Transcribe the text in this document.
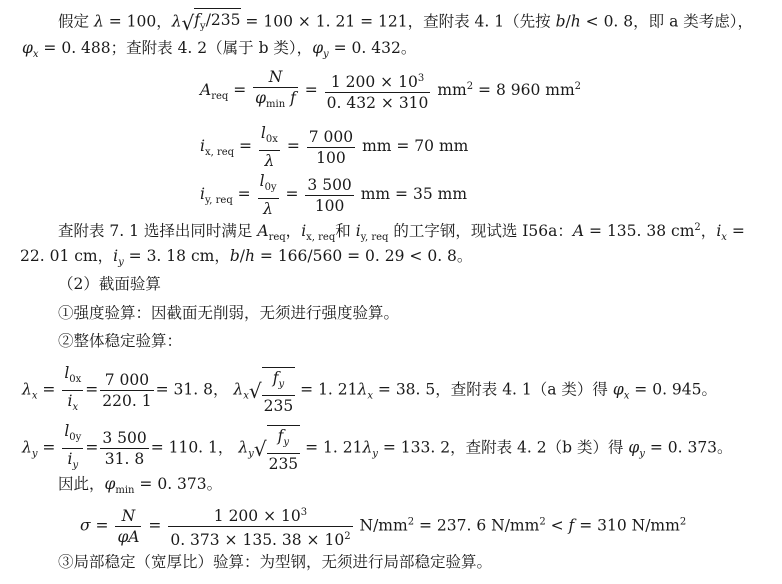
假定 λ = 100，$\lambda√f_y/235 = 100 \times 1$. 21 = 121，查附表 4. 1（先按 b/h < 0. 8，即 a 类考虑），
$\varphi_x = 0$. 488；查附表 4. 2（属于 b 类），$\varphi_y = 0$. 432。
$A_{req} = \frac{N}{\varphi_{min} f} = \frac{1 200 \times 10^3}{0. 432 \times 310} mm^2 = 8$ 960 $mm^2$
$i_{x, req} = \frac{l_{0x}}{\lambda} = \frac{7 000}{100}$ mm = 70 mm
$i_{y, req} = \frac{l_{0y}}{\lambda} = \frac{3 500}{100}$ mm = 35 mm
查附表 7. 1 选择出同时满足 $A_{req}$，$i_{x, req}$和 $i_{y, req}$ 的工字钢，现试选 I56a：A = 135. 38 $cm^2$，$i_x$ =
22. 01 cm，$i_y = 3$. 18 cm，b/h = 166/560 = 0. 29 < 0. 8。
（2）截面验算
①强度验算：因截面无削弱，无须进行强度验算。
②整体稳定验算：
$\lambda_x = \frac{l_{0x}}{i_x} = \frac{7 000}{220. 1} = 31$. 8， $\lambda_x√ \frac{f_y}{235} = 1$. $21\lambda_x = 38$. 5，查附表 4. 1（a 类）得 $\varphi_x = 0$. 945。
$\lambda_y = \frac{l_{0y}}{i_y} = \frac{3 500}{31. 8} = 110$. 1， $\lambda_y√ \frac{f_y}{235} = 1$. $21\lambda_y = 133$. 2，查附表 4. 2（b 类）得 $\varphi_y = 0$. 373。
因此，$\varphi_{min} = 0$. 373。
$\sigma = \frac{N}{\varphi A} = \frac{1 200 \times 10^3}{0. 373 \times 135. 38 \times 10^2} N/mm^2 = 237$. 6 $N/mm^2 < f = 310$ $N/mm^2$
③局部稳定（宽厚比）验算：为型钢，无须进行局部稳定验算。
